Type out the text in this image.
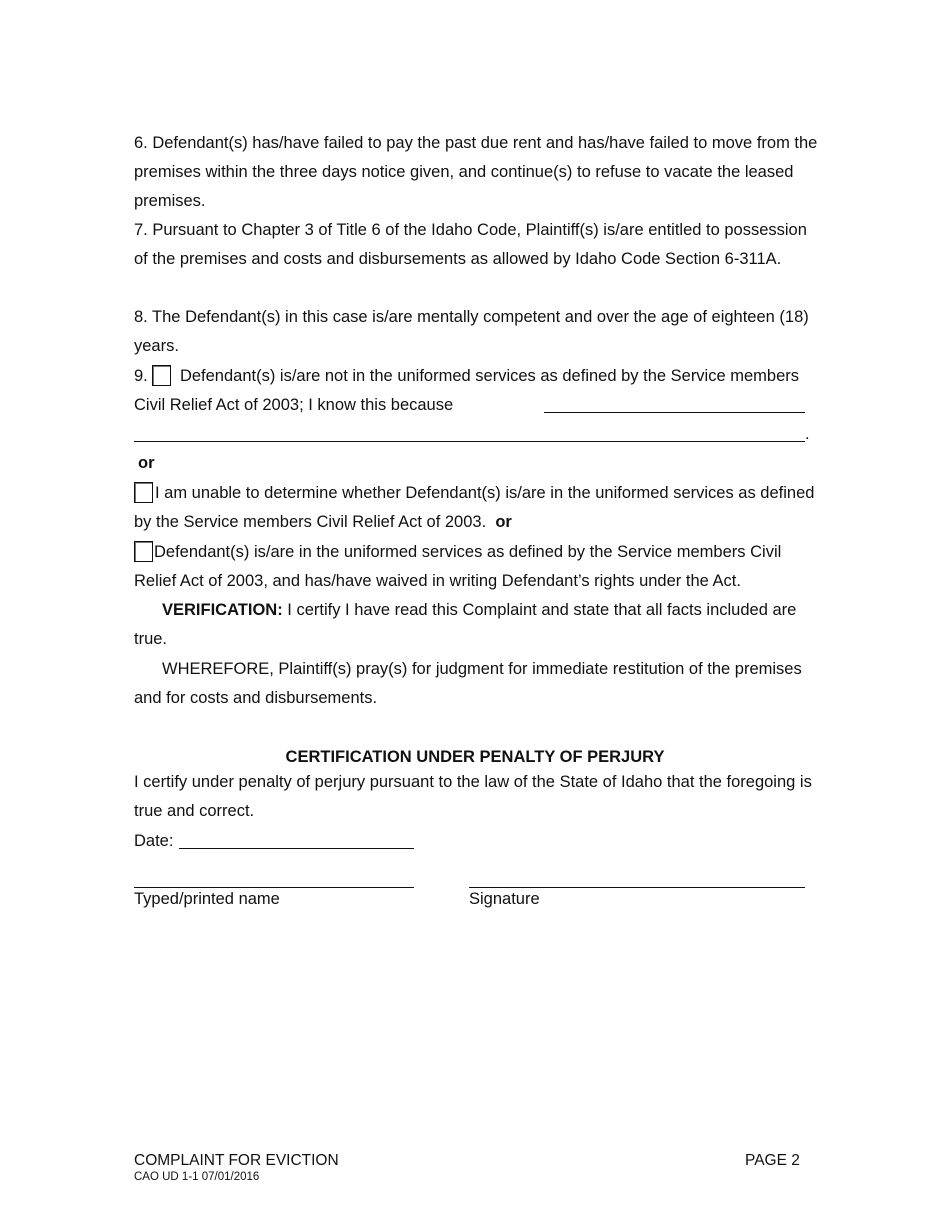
6. Defendant(s) has/have failed to pay the past due rent and has/have failed to move from the premises within the three days notice given, and continue(s) to refuse to vacate the leased premises.

7. Pursuant to Chapter 3 of Title 6 of the Idaho Code, Plaintiff(s) is/are entitled to possession of the premises and costs and disbursements as allowed by Idaho Code Section 6-311A.

8. The Defendant(s) in this case is/are mentally competent and over the age of eighteen (18) years.

9. Defendant(s) is/are not in the uniformed services as defined by the Service members Civil Relief Act of 2003; I know this because

.

or

I am unable to determine whether Defendant(s) is/are in the uniformed services as defined by the Service members Civil Relief Act of 2003. or

Defendant(s) is/are in the uniformed services as defined by the Service members Civil Relief Act of 2003, and has/have waived in writing Defendant’s rights under the Act.

VERIFICATION: I certify I have read this Complaint and state that all facts included are true.

WHEREFORE, Plaintiff(s) pray(s) for judgment for immediate restitution of the premises and for costs and disbursements.

CERTIFICATION UNDER PENALTY OF PERJURY

I certify under penalty of perjury pursuant to the law of the State of Idaho that the foregoing is true and correct.

Date:
Typed/printed name	Signature
COMPLAINT FOR EVICTION
CAO UD 1-1 07/01/2016
PAGE 2
